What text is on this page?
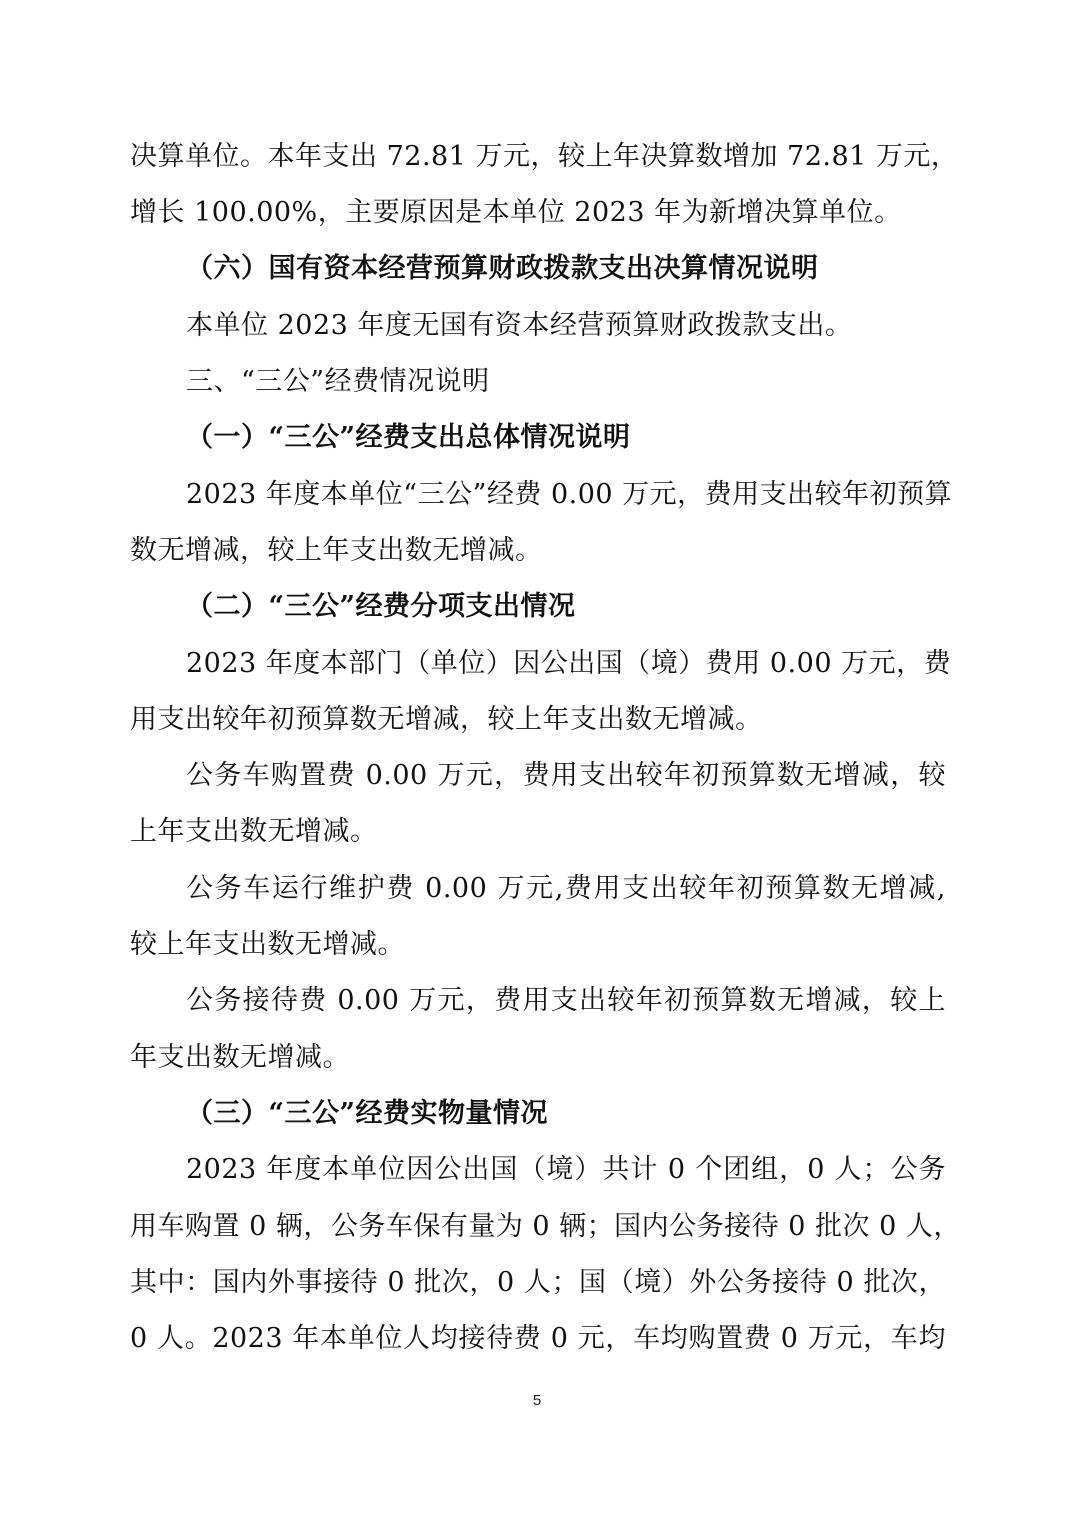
决算单位。本年支出 72.81 万元，较上年决算数增加 72.81 万元，
增长 100.00%，主要原因是本单位 2023 年为新增决算单位。
（六）国有资本经营预算财政拨款支出决算情况说明
本单位 2023 年度无国有资本经营预算财政拨款支出。
三、“三公”经费情况说明
（一）“三公”经费支出总体情况说明
2023 年度本单位“三公”经费 0.00 万元，费用支出较年初预算
数无增减，较上年支出数无增减。
（二）“三公”经费分项支出情况
2023 年度本部门（单位）因公出国（境）费用 0.00 万元，费
用支出较年初预算数无增减，较上年支出数无增减。
公务车购置费 0.00 万元，费用支出较年初预算数无增减，较
上年支出数无增减。
公务车运行维护费 0.00 万元,费用支出较年初预算数无增减,
较上年支出数无增减。
公务接待费 0.00 万元，费用支出较年初预算数无增减，较上
年支出数无增减。
（三）“三公”经费实物量情况
2023 年度本单位因公出国（境）共计 0 个团组，0 人；公务
用车购置 0 辆，公务车保有量为 0 辆；国内公务接待 0 批次 0 人，
其中：国内外事接待 0 批次，0 人；国（境）外公务接待 0 批次，
0 人。2023 年本单位人均接待费 0 元，车均购置费 0 万元，车均
5
